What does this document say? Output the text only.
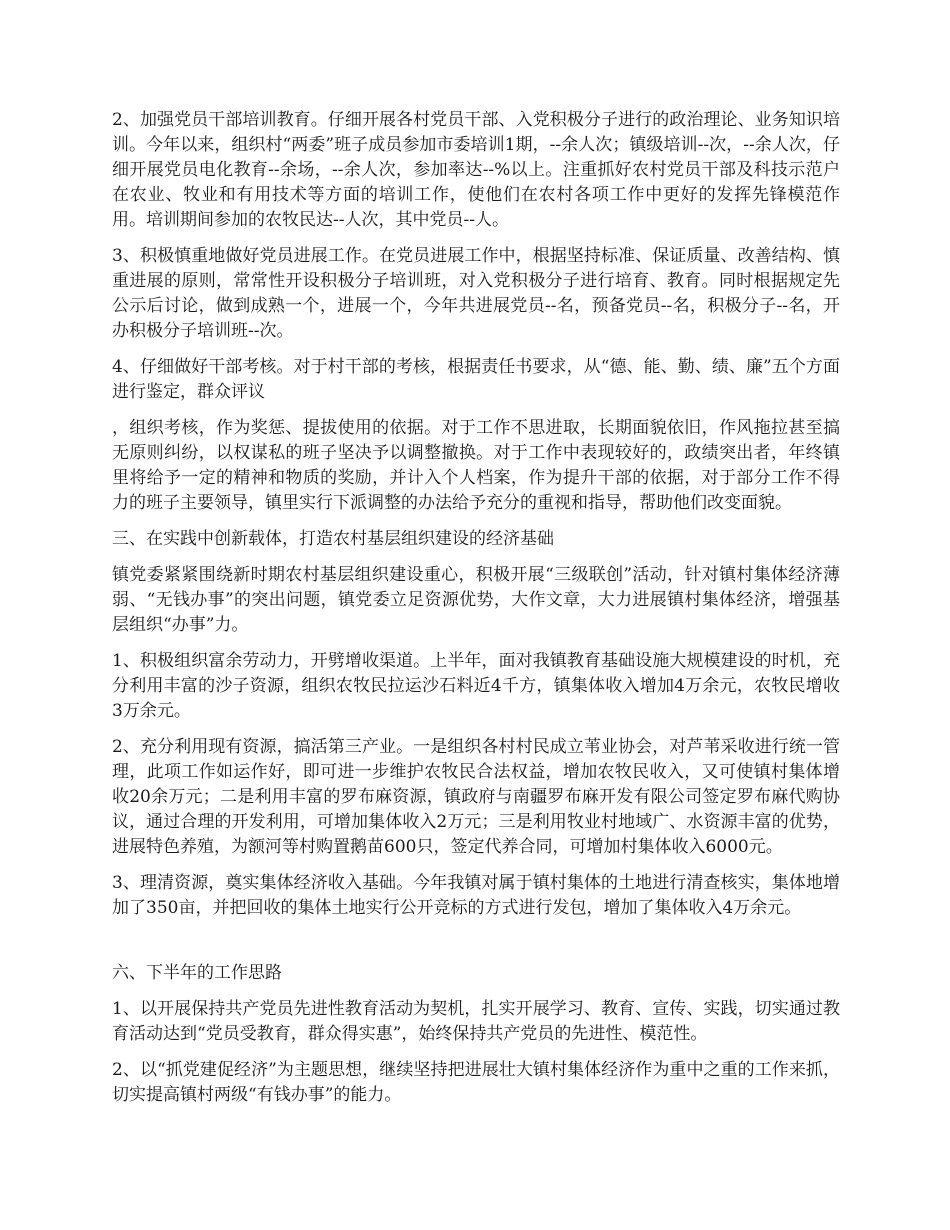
2、加强党员干部培训教育。仔细开展各村党员干部、入党积极分子进行的政治理论、业务知识培训。今年以来，组织村“两委”班子成员参加市委培训1期，--余人次；镇级培训--次，--余人次，仔细开展党员电化教育--余场，--余人次，参加率达--%以上。注重抓好农村党员干部及科技示范户在农业、牧业和有用技术等方面的培训工作，使他们在农村各项工作中更好的发挥先锋模范作用。培训期间参加的农牧民达--人次，其中党员--人。

3、积极慎重地做好党员进展工作。在党员进展工作中，根据坚持标准、保证质量、改善结构、慎重进展的原则，常常性开设积极分子培训班，对入党积极分子进行培育、教育。同时根据规定先公示后讨论，做到成熟一个，进展一个，今年共进展党员--名，预备党员--名，积极分子--名，开办积极分子培训班--次。

4、仔细做好干部考核。对于村干部的考核，根据责任书要求，从“德、能、勤、绩、廉”五个方面进行鉴定，群众评议

，组织考核，作为奖惩、提拔使用的依据。对于工作不思进取，长期面貌依旧，作风拖拉甚至搞无原则纠纷，以权谋私的班子坚决予以调整撤换。对于工作中表现较好的，政绩突出者，年终镇里将给予一定的精神和物质的奖励，并计入个人档案，作为提升干部的依据，对于部分工作不得力的班子主要领导，镇里实行下派调整的办法给予充分的重视和指导，帮助他们改变面貌。

三、在实践中创新载体，打造农村基层组织建设的经济基础

镇党委紧紧围绕新时期农村基层组织建设重心，积极开展“三级联创”活动，针对镇村集体经济薄弱、“无钱办事”的突出问题，镇党委立足资源优势，大作文章，大力进展镇村集体经济，增强基层组织“办事”力。

1、积极组织富余劳动力，开劈增收渠道。上半年，面对我镇教育基础设施大规模建设的时机，充分利用丰富的沙子资源，组织农牧民拉运沙石料近4千方，镇集体收入增加4万余元，农牧民增收3万余元。

2、充分利用现有资源，搞活第三产业。一是组织各村村民成立苇业协会，对芦苇采收进行统一管理，此项工作如运作好，即可进一步维护农牧民合法权益，增加农牧民收入，又可使镇村集体增收20余万元；二是利用丰富的罗布麻资源，镇政府与南疆罗布麻开发有限公司签定罗布麻代购协议，通过合理的开发利用，可增加集体收入2万元；三是利用牧业村地域广、水资源丰富的优势，进展特色养殖，为额河等村购置鹅苗600只，签定代养合同，可增加村集体收入6000元。

3、理清资源，奠实集体经济收入基础。今年我镇对属于镇村集体的土地进行清查核实，集体地增加了350亩，并把回收的集体土地实行公开竞标的方式进行发包，增加了集体收入4万余元。

六、下半年的工作思路

1、以开展保持共产党员先进性教育活动为契机，扎实开展学习、教育、宣传、实践，切实通过教育活动达到“党员受教育，群众得实惠”，始终保持共产党员的先进性、模范性。

2、以“抓党建促经济”为主题思想，继续坚持把进展壮大镇村集体经济作为重中之重的工作来抓，切实提高镇村两级“有钱办事”的能力。
